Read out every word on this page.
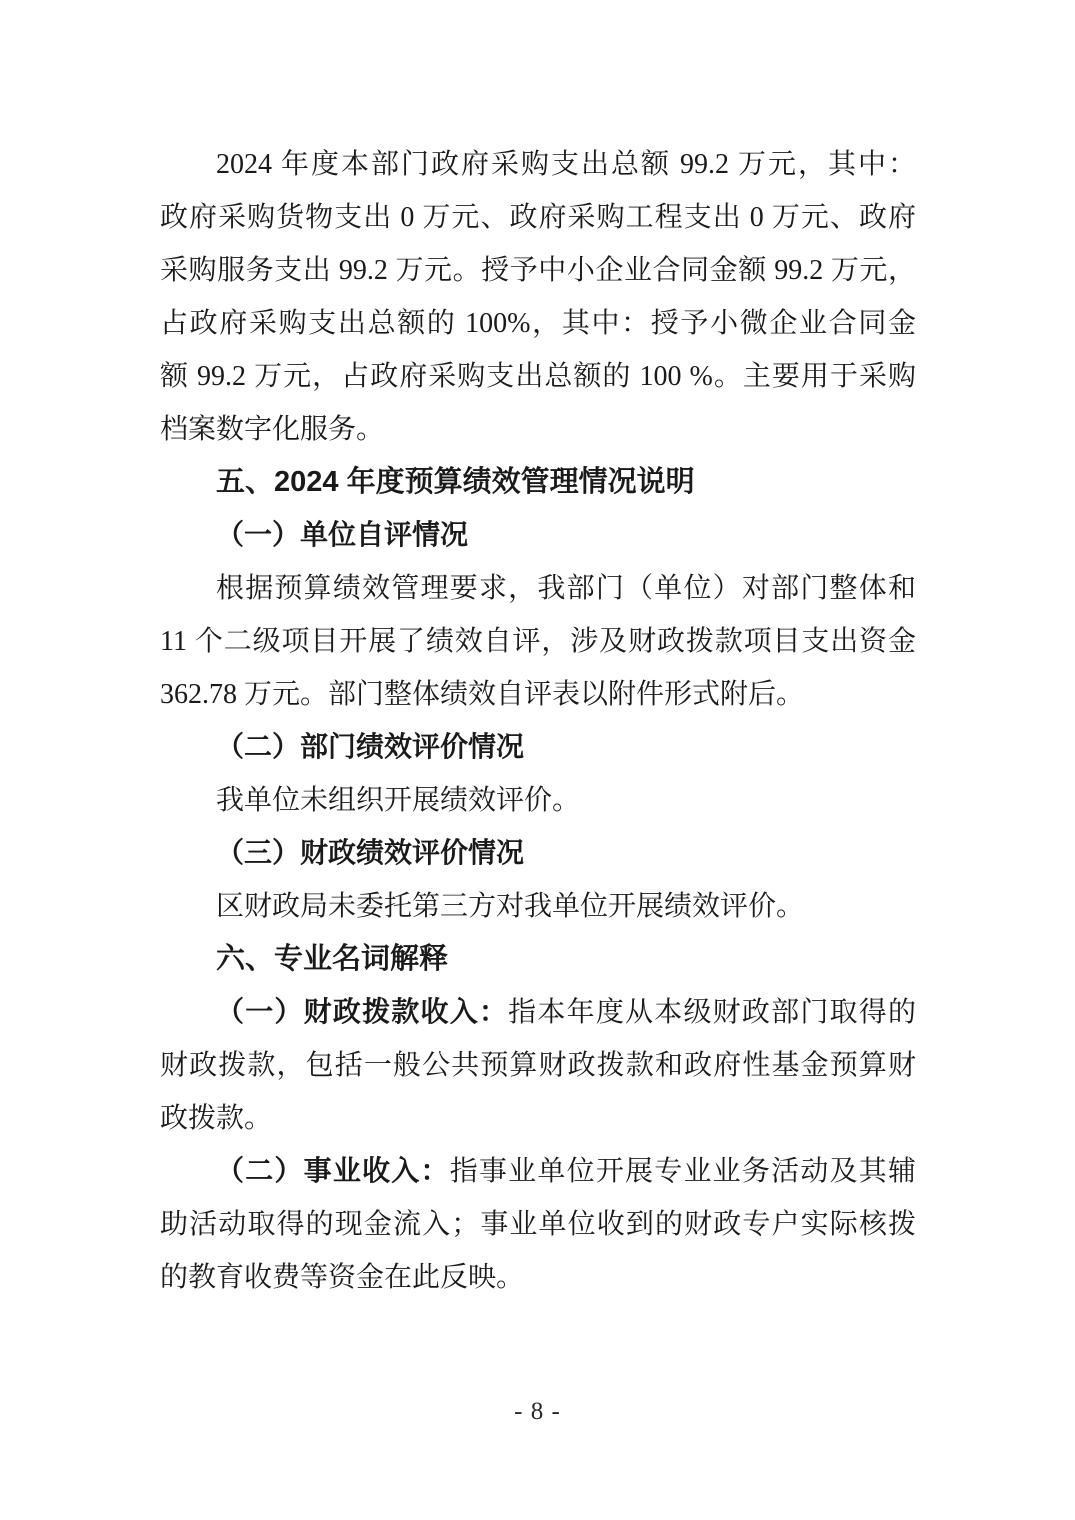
2024 年度本部门政府采购支出总额 99.2 万元，其中：
政府采购货物支出 0 万元、政府采购工程支出 0 万元、政府
采购服务支出 99.2 万元。授予中小企业合同金额 99.2 万元，
占政府采购支出总额的 100%，其中：授予小微企业合同金
额 99.2 万元，占政府采购支出总额的 100 %。主要用于采购
档案数字化服务。
五、2024 年度预算绩效管理情况说明
（一）单位自评情况
根据预算绩效管理要求，我部门（单位）对部门整体和
11 个二级项目开展了绩效自评，涉及财政拨款项目支出资金
362.78 万元。部门整体绩效自评表以附件形式附后。
（二）部门绩效评价情况
我单位未组织开展绩效评价。
（三）财政绩效评价情况
区财政局未委托第三方对我单位开展绩效评价。
六、专业名词解释
（一）财政拨款收入：指本年度从本级财政部门取得的
财政拨款，包括一般公共预算财政拨款和政府性基金预算财
政拨款。
（二）事业收入：指事业单位开展专业业务活动及其辅
助活动取得的现金流入；事业单位收到的财政专户实际核拨
的教育收费等资金在此反映。
- 8 -
